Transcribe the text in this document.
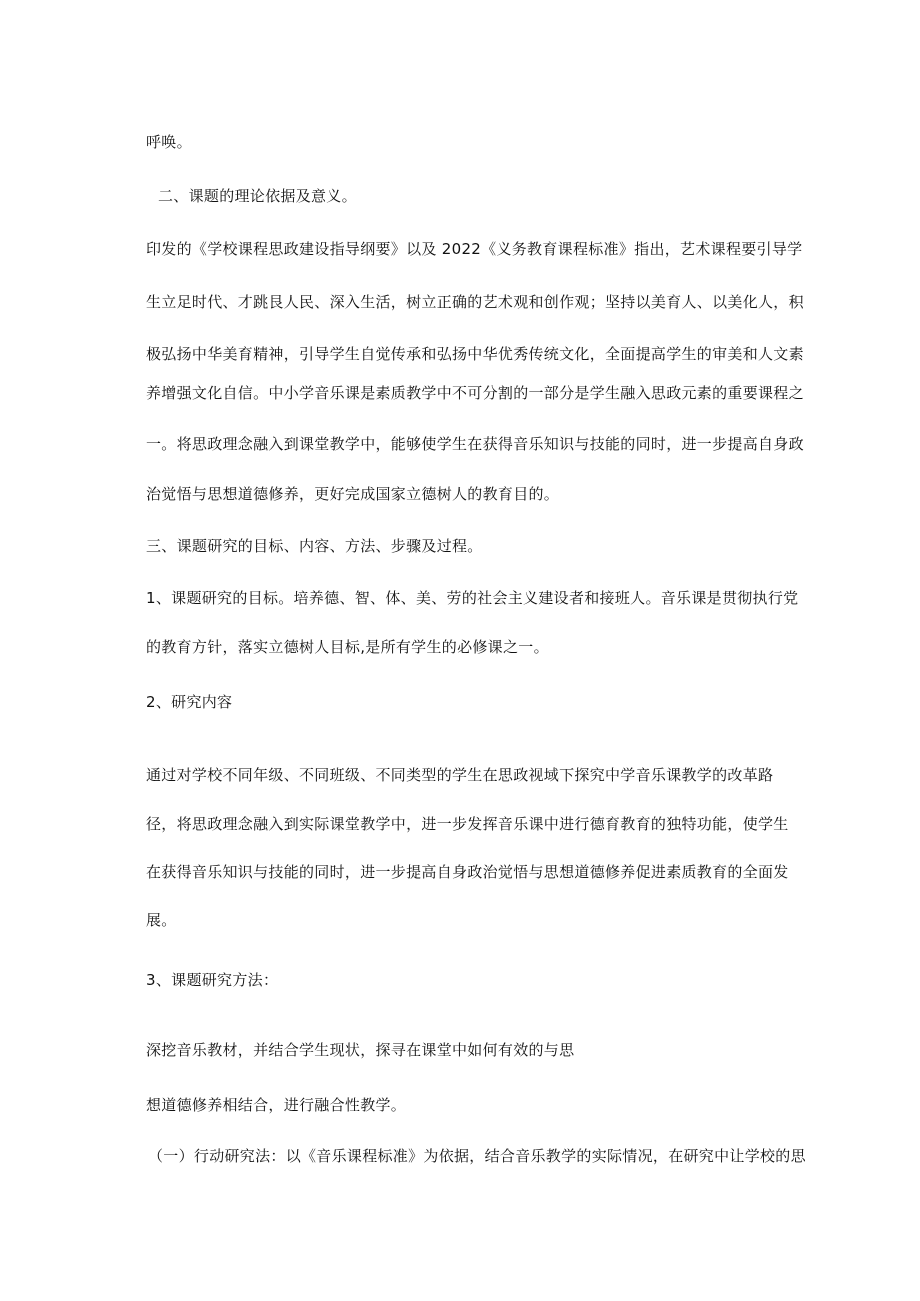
呼唤。
二、课题的理论依据及意义。
印发的《学校课程思政建设指导纲要》以及 2022《义务教育课程标准》指出，艺术课程要引导学
生立足时代、才跳艮人民、深入生活，树立正确的艺术观和创作观；坚持以美育人、以美化人，积
极弘扬中华美育精神，引导学生自觉传承和弘扬中华优秀传统文化，全面提高学生的审美和人文素
养增强文化自信。中小学音乐课是素质教学中不可分割的一部分是学生融入思政元素的重要课程之
一。将思政理念融入到课堂教学中，能够使学生在获得音乐知识与技能的同时，进一步提高自身政
治觉悟与思想道德修养，更好完成国家立德树人的教育目的。
三、课题研究的目标、内容、方法、步骤及过程。
1、课题研究的目标。培养德、智、体、美、劳的社会主义建设者和接班人。音乐课是贯彻执行党
的教育方针，落实立德树人目标,是所有学生的必修课之一。
2、研究内容
通过对学校不同年级、不同班级、不同类型的学生在思政视域下探究中学音乐课教学的改革路
径，将思政理念融入到实际课堂教学中，进一步发挥音乐课中进行德育教育的独特功能，使学生
在获得音乐知识与技能的同时，进一步提高自身政治觉悟与思想道德修养促进素质教育的全面发
展。
3、课题研究方法：
深挖音乐教材，并结合学生现状，探寻在课堂中如何有效的与思
想道德修养相结合，进行融合性教学。
（一）行动研究法：以《音乐课程标准》为依据，结合音乐教学的实际情况，在研究中让学校的思
